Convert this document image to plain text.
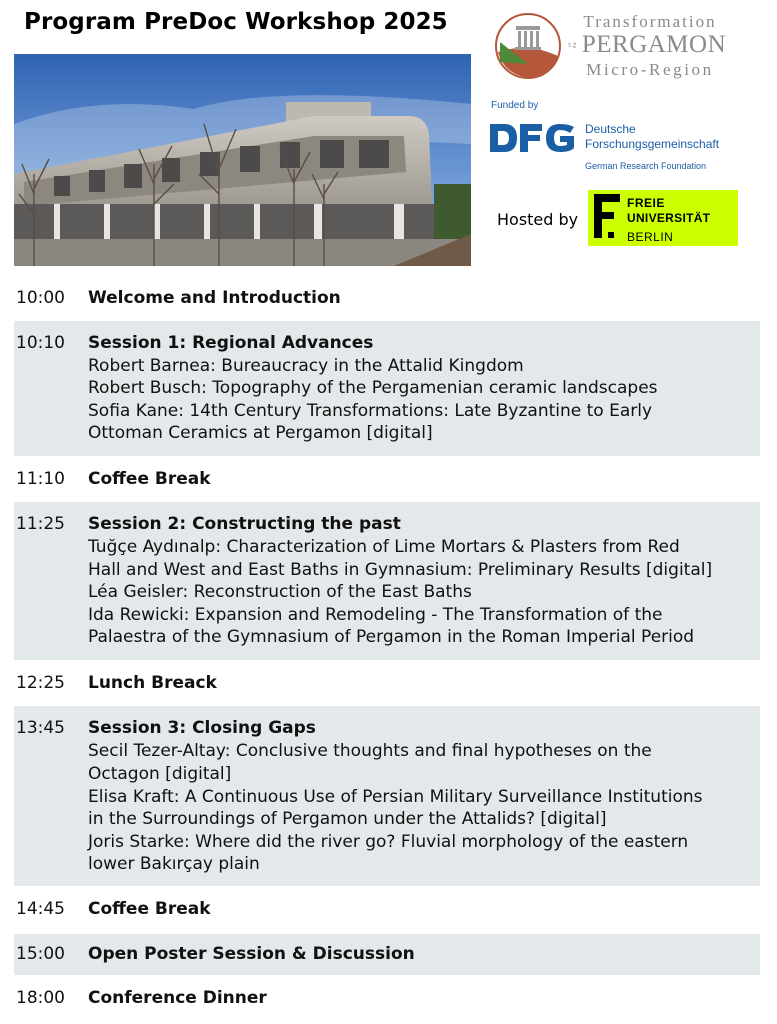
Program PreDoc Workshop 2025	Transformation
of the PERGAMON
Micro-Region
Funded by
Deutsche
Forschungsgemeinschaft
German Research Foundation
Hosted by
FREIE
UNIVERSITÄT
BERLIN
10:00 Welcome and Introduction
10:10 Session 1: Regional Advances
Robert Barnea: Bureaucracy in the Attalid Kingdom
Robert Busch: Topography of the Pergamenian ceramic landscapes
Sofia Kane: 14th Century Transformations: Late Byzantine to Early
Ottoman Ceramics at Pergamon [digital]
11:10 Coffee Break
11:25 Session 2: Constructing the past
Tuğçe Aydınalp: Characterization of Lime Mortars & Plasters from Red
Hall and West and East Baths in Gymnasium: Preliminary Results [digital]
Léa Geisler: Reconstruction of the East Baths
Ida Rewicki: Expansion and Remodeling - The Transformation of the
Palaestra of the Gymnasium of Pergamon in the Roman Imperial Period
12:25 Lunch Breack
13:45 Session 3: Closing Gaps
Secil Tezer-Altay: Conclusive thoughts and final hypotheses on the
Octagon [digital]
Elisa Kraft: A Continuous Use of Persian Military Surveillance Institutions
in the Surroundings of Pergamon under the Attalids? [digital]
Joris Starke: Where did the river go? Fluvial morphology of the eastern
lower Bakırçay plain
14:45 Coffee Break
15:00 Open Poster Session & Discussion
18:00 Conference Dinner
